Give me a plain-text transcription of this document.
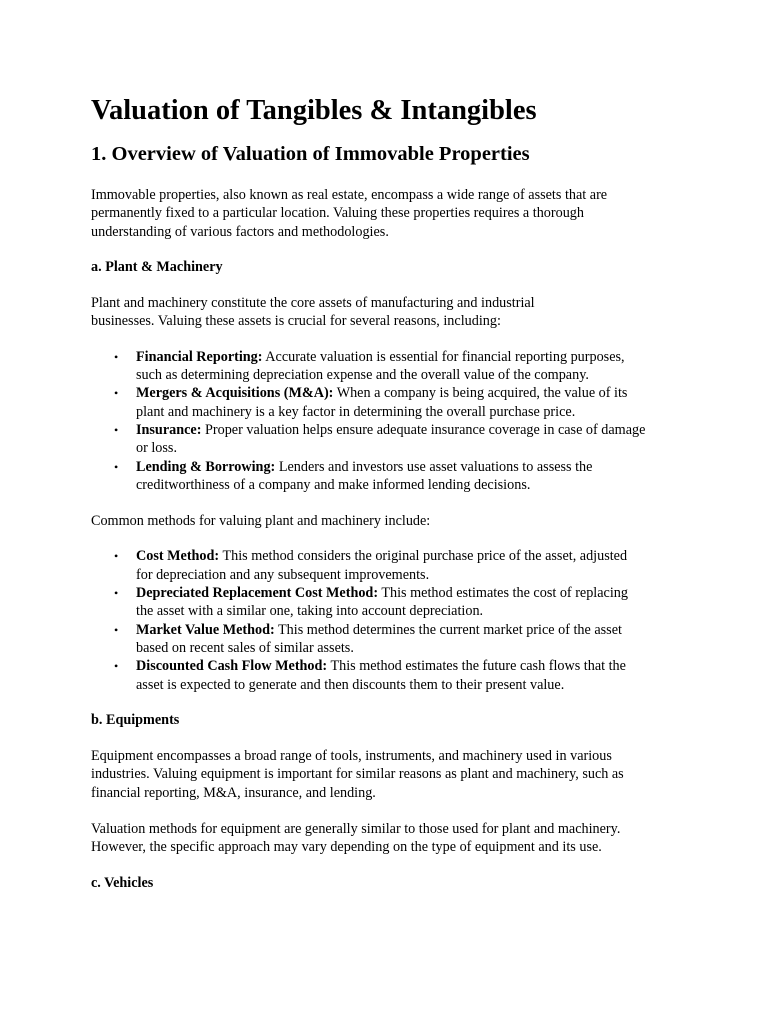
Valuation of Tangibles & Intangibles
1. Overview of Valuation of Immovable Properties

Immovable properties, also known as real estate, encompass a wide range of assets that are
permanently fixed to a particular location. Valuing these properties requires a thorough
understanding of various factors and methodologies.

a. Plant & Machinery

Plant and machinery constitute the core assets of manufacturing and industrial
businesses. Valuing these assets is crucial for several reasons, including:

• Financial Reporting: Accurate valuation is essential for financial reporting purposes,
such as determining depreciation expense and the overall value of the company.
• Mergers & Acquisitions (M&A): When a company is being acquired, the value of its
plant and machinery is a key factor in determining the overall purchase price.
• Insurance: Proper valuation helps ensure adequate insurance coverage in case of damage
or loss.
• Lending & Borrowing: Lenders and investors use asset valuations to assess the
creditworthiness of a company and make informed lending decisions.

Common methods for valuing plant and machinery include:

• Cost Method: This method considers the original purchase price of the asset, adjusted
for depreciation and any subsequent improvements.
• Depreciated Replacement Cost Method: This method estimates the cost of replacing
the asset with a similar one, taking into account depreciation.
• Market Value Method: This method determines the current market price of the asset
based on recent sales of similar assets.
• Discounted Cash Flow Method: This method estimates the future cash flows that the
asset is expected to generate and then discounts them to their present value.
b. Equipments

Equipment encompasses a broad range of tools, instruments, and machinery used in various
industries. Valuing equipment is important for similar reasons as plant and machinery, such as
financial reporting, M&A, insurance, and lending.

Valuation methods for equipment are generally similar to those used for plant and machinery.
However, the specific approach may vary depending on the type of equipment and its use.

c. Vehicles
